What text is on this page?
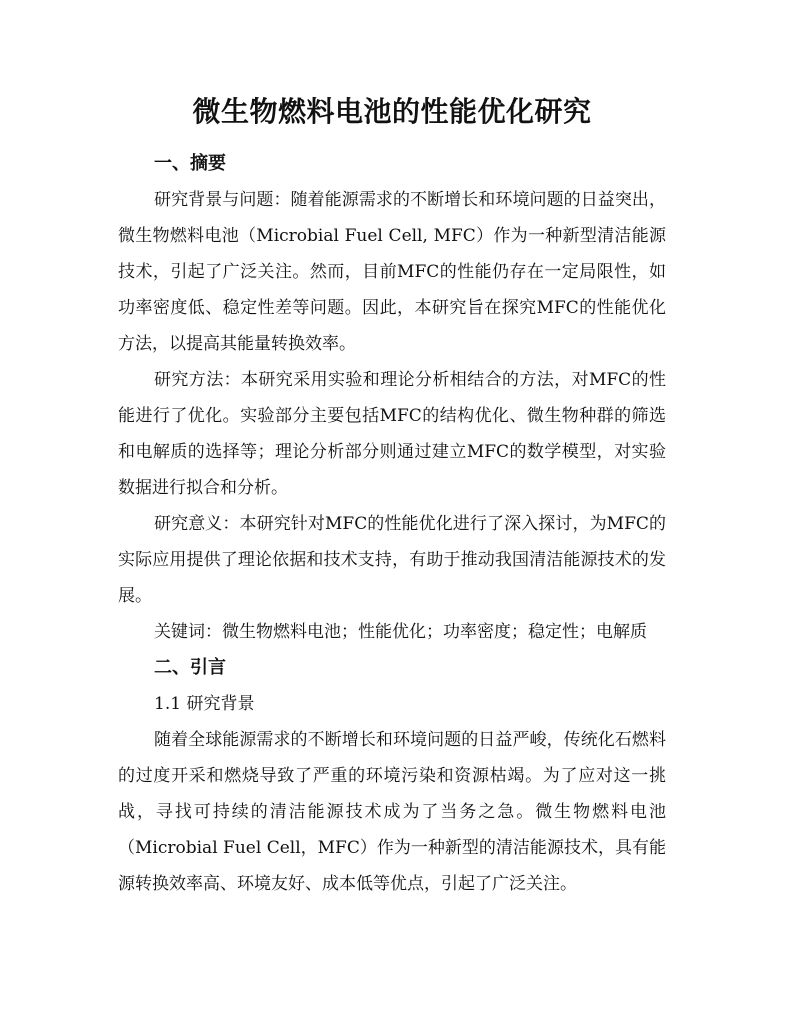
微生物燃料电池的性能优化研究
一、摘要

研究背景与问题：随着能源需求的不断增长和环境问题的日益突出，微生物燃料电池（Microbial Fuel Cell, MFC）作为一种新型清洁能源技术，引起了广泛关注。然而，目前MFC的性能仍存在一定局限性，如功率密度低、稳定性差等问题。因此，本研究旨在探究MFC的性能优化方法，以提高其能量转换效率。

研究方法：本研究采用实验和理论分析相结合的方法，对MFC的性能进行了优化。实验部分主要包括MFC的结构优化、微生物种群的筛选和电解质的选择等；理论分析部分则通过建立MFC的数学模型，对实验数据进行拟合和分析。

研究意义：本研究针对MFC的性能优化进行了深入探讨，为MFC的实际应用提供了理论依据和技术支持，有助于推动我国清洁能源技术的发展。

关键词：微生物燃料电池；性能优化；功率密度；稳定性；电解质

二、引言
1.1 研究背景

随着全球能源需求的不断增长和环境问题的日益严峻，传统化石燃料的过度开采和燃烧导致了严重的环境污染和资源枯竭。为了应对这一挑战，寻找可持续的清洁能源技术成为了当务之急。微生物燃料电池（Microbial Fuel Cell，MFC）作为一种新型的清洁能源技术，具有能源转换效率高、环境友好、成本低等优点，引起了广泛关注。
